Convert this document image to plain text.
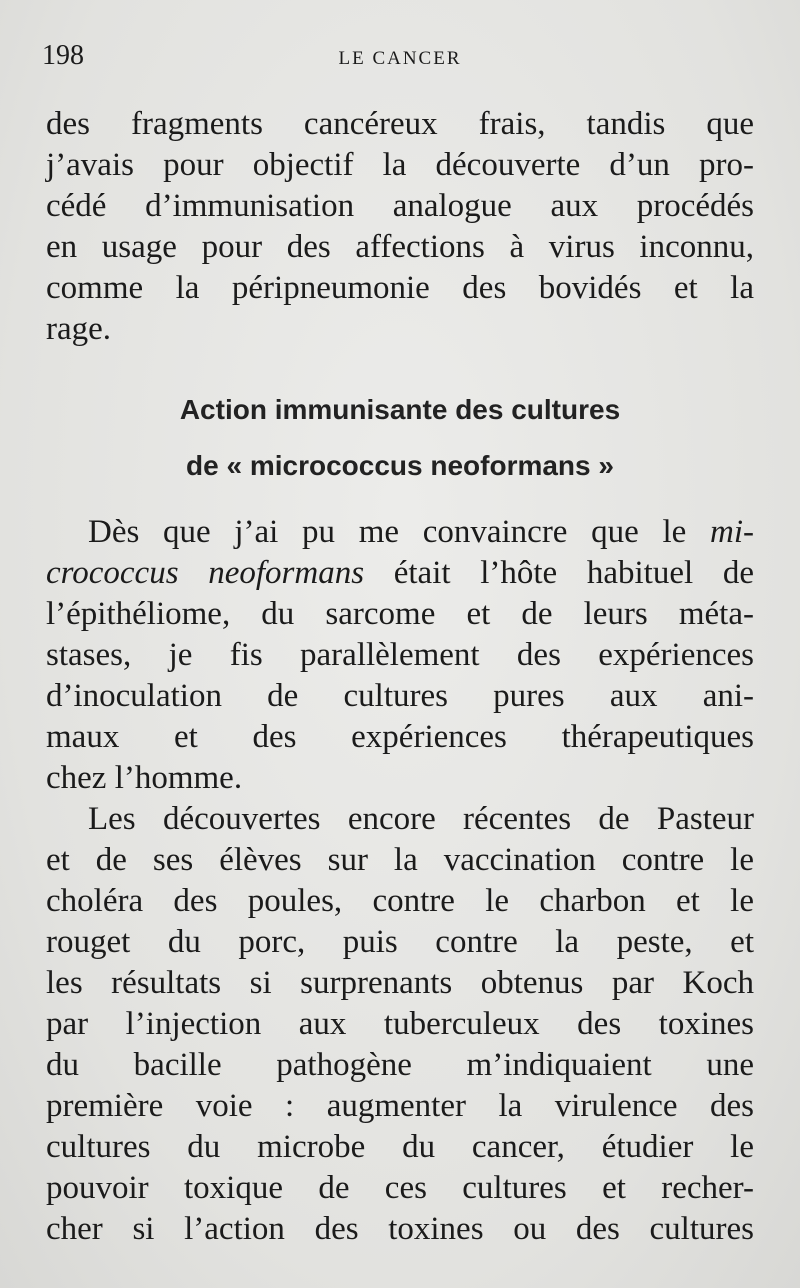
198	LE CANCER
des fragments cancéreux frais, tandis que
j’avais pour objectif la découverte d’un pro-
cédé d’immunisation analogue aux procédés
en usage pour des affections à virus inconnu,
comme la péripneumonie des bovidés et la
rage.
Action immunisante des cultures
de « micrococcus neoformans »
Dès que j’ai pu me convaincre que le mi-
crococcus neoformans était l’hôte habituel de
l’épithéliome, du sarcome et de leurs méta-
stases, je fis parallèlement des expériences
d’inoculation de cultures pures aux ani-
maux et des expériences thérapeutiques
chez l’homme.
Les découvertes encore récentes de Pasteur
et de ses élèves sur la vaccination contre le
choléra des poules, contre le charbon et le
rouget du porc, puis contre la peste, et
les résultats si surprenants obtenus par Koch
par l’injection aux tuberculeux des toxines
du bacille pathogène m’indiquaient une
première voie : augmenter la virulence des
cultures du microbe du cancer, étudier le
pouvoir toxique de ces cultures et recher-
cher si l’action des toxines ou des cultures
